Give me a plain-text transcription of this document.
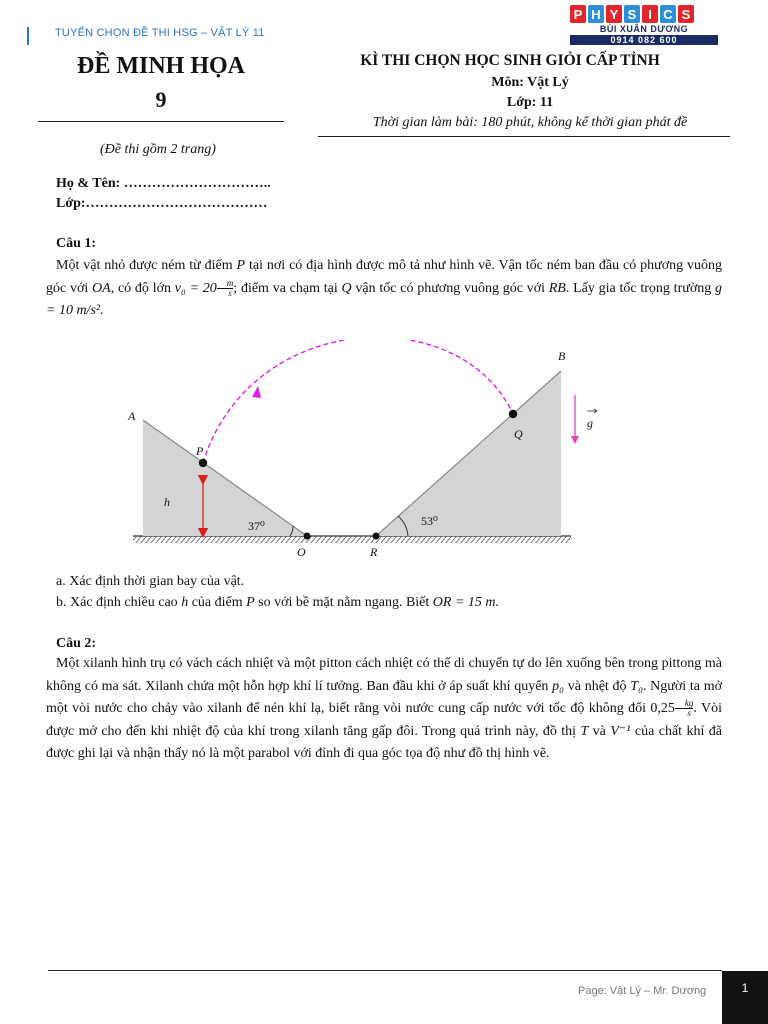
TUYỂN CHỌN ĐỀ THI HSG – VẬT LÝ 11
P H Y S I C S
BÙI XUÂN DƯƠNG
0914 082 600
ĐỀ MINH HỌA
9
KÌ THI CHỌN HỌC SINH GIỎI CẤP TỈNH
Môn: Vật Lý
Lớp: 11
Thời gian làm bài: 180 phút, không kể thời gian phát đề
(Đề thi gồm 2 trang)
Họ & Tên: …………………………..
Lớp:…………………………………
Câu 1:

Một vật nhỏ được ném từ điểm P tại nơi có địa hình được mô tả như hình vẽ. Vận tốc ném ban đầu có phương vuông góc với OA, có độ lớn $v_0 = 20 \frac{m}{s}$ ; điểm va chạm tại Q vận tốc có phương vuông góc với RB. Lấy gia tốc trọng trường g = 10 m/s².

A
B
P
Q
O	R
h
g
37⁰	53⁰
a. Xác định thời gian bay của vật.
b. Xác định chiều cao h của điểm P so với bề mặt nằm ngang. Biết OR = 15 m.
Câu 2:

Một xilanh hình trụ có vách cách nhiệt và một pitton cách nhiệt có thể di chuyển tự do lên xuống bên trong pittong mà không có ma sát. Xilanh chứa một hỗn hợp khí lí tưởng. Ban đầu khi ở áp suất khí quyển p₀ và nhệt độ T₀. Người ta mở một vòi nước cho chảy vào xilanh để nén khí lạ, biết rằng vòi nước cung cấp nước với tốc độ không đổi $0,25 \frac{kg}{s}$ . Vòi được mở cho đến khi nhiệt độ của khí trong xilanh tăng gấp đôi. Trong quá trình này, đồ thị T và V⁻¹ của chất khí đã được ghi lại và nhận thấy nó là một parabol với đỉnh đi qua góc tọa độ như đồ thị hình vẽ.

Page: Vật Lý – Mr. Dương	1
